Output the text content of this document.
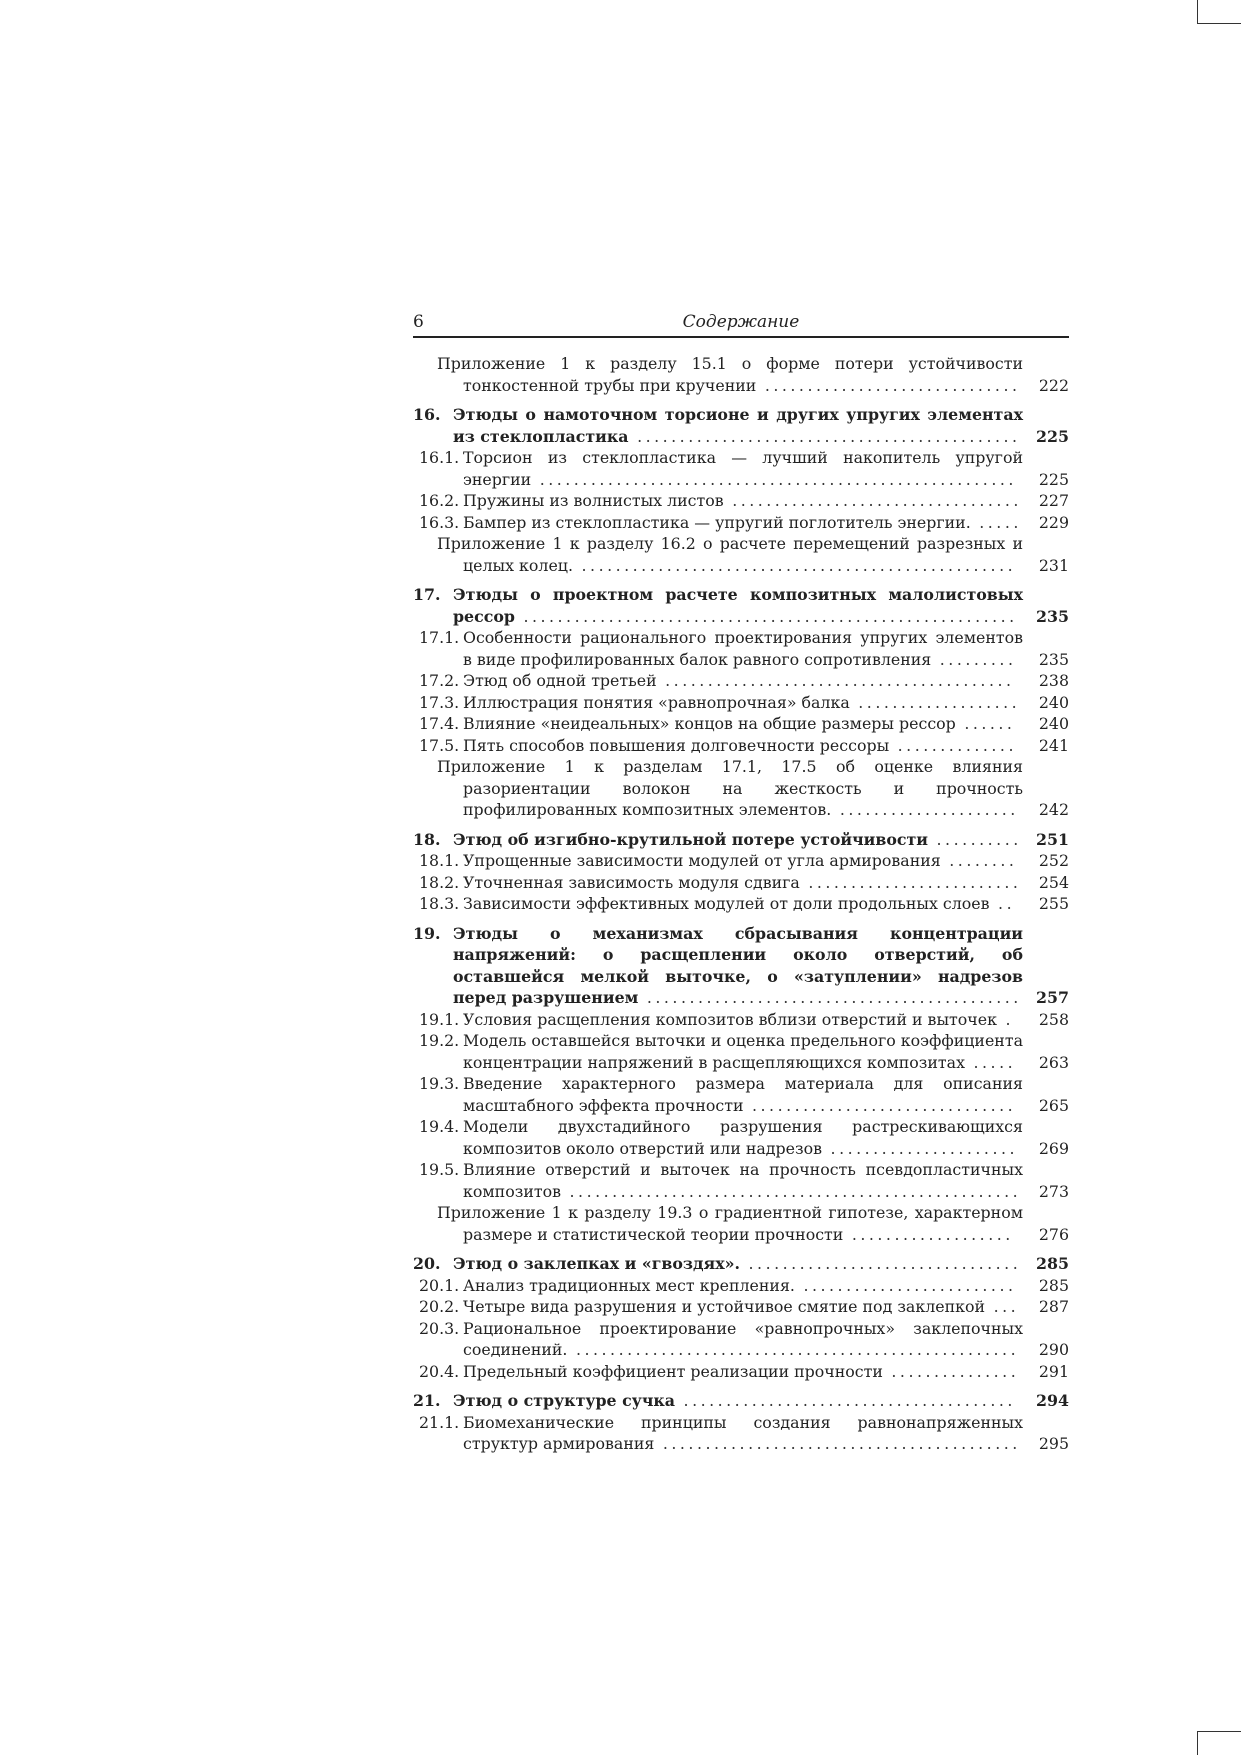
6	Содержание
Приложение 1 к разделу 15.1 о форме потери устойчивости тонкостенной трубы при кручении .............................. 222
16. Этюды о намоточном торсионе и других упругих элементах из стеклопластика ............................................. 225
16.1. Торсион из стеклопластика — лучший накопитель упругой энергии ........................................................	225
16.2. Пружины из волнистых листов .................................. 227
16.3. Бампер из стеклопластика — упругий поглотитель энергии. ..... 229
Приложение 1 к разделу 16.2 о расчете перемещений разрезных и целых колец. ...................................................	231
17. Этюды о проектном расчете композитных малолистовых рессор ..........................................................	235
17.1. Особенности рационального проектирования упругих элементов в виде профилированных балок равного сопротивления .........	235
17.2. Этюд об одной третьей .........................................	238
17.3. Иллюстрация понятия «равнопрочная» балка ................... 240
17.4. Влияние «неидеальных» концов на общие размеры рессор ......	240
17.5. Пять способов повышения долговечности рессоры ..............	241
Приложение 1 к разделам 17.1, 17.5 об оценке влияния разориентации волокон на жесткость и прочность профилированных композитных элементов. ..................... 242
18. Этюд об изгибно-крутильной потере устойчивости .......... 251
18.1. Упрощенные зависимости модулей от угла армирования ........	252
18.2. Уточненная зависимость модуля сдвига ......................... 254
18.3. Зависимости эффективных модулей от доли продольных слоев ..	255
19. Этюды о механизмах сбрасывания концентрации напряжений: о расщеплении около отверстий, об оставшейся мелкой выточке, о «затуплении» надрезов перед разрушением ............................................ 257
19.1. Условия расщепления композитов вблизи отверстий и выточек .	258
19.2. Модель оставшейся выточки и оценка предельного коэффициента концентрации напряжений в расщепляющихся композитах .....	263
19.3. Введение характерного размера материала для описания масштабного эффекта прочности ...............................	265
19.4. Модели двухстадийного разрушения растрескивающихся композитов около отверстий или надрезов ......................	269
19.5. Влияние отверстий и выточек на прочность псевдопластичных композитов ..................................................... 273
Приложение 1 к разделу 19.3 о градиентной гипотезе, характерном размере и статистической теории прочности ...................	276
20. Этюд о заклепках и «гвоздях». ................................ 285
20.1. Анализ традиционных мест крепления. .........................	285
20.2. Четыре вида разрушения и устойчивое смятие под заклепкой ... 287
20.3. Рациональное проектирование «равнопрочных» заклепочных соединений. .................................................... 290
20.4. Предельный коэффициент реализации прочности ............... 291
21. Этюд о структуре сучка .......................................	294
21.1. Биомеханические принципы создания равнонапряженных структур армирования .......................................... 295
